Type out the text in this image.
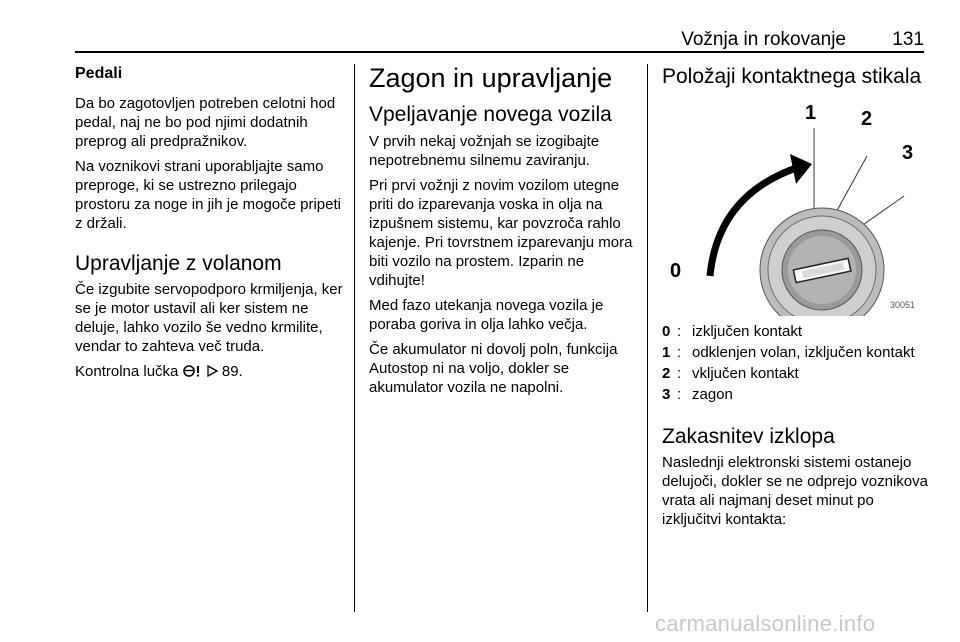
Vožnja in rokovanje 131
Pedali

Da bo zagotovljen potreben celotni hod pedal, naj ne bo pod njimi dodatnih preprog ali predpražnikov.

Na voznikovi strani uporabljajte samo preproge, ki se ustrezno prilegajo prostoru za noge in jih je mogoče pripeti z držali.

Upravljanje z volanom

Če izgubite servopodporo krmiljenja, ker se je motor ustavil ali ker sistem ne deluje, lahko vozilo še vedno krmilite, vendar to zahteva več truda.

Kontrolna lučka	89.

Zagon in upravljanje
Vpeljavanje novega vozila

V prvih nekaj vožnjah se izogibajte nepotrebnemu silnemu zaviranju.

Pri prvi vožnji z novim vozilom utegne priti do izparevanja voska in olja na izpušnem sistemu, kar povzroča rahlo kajenje. Pri tovrstnem izparevanju mora biti vozilo na prostem. Izparin ne vdihujte!

Med fazo utekanja novega vozila je poraba goriva in olja lahko večja.

Če akumulator ni dovolj poln, funkcija Autostop ni na voljo, dokler se akumulator vozila ne napolni.

Položaji kontaktnega stikala
0
1 2
3
30051
0 : izključen kontakt
1 : odklenjen volan, izključen kontakt
2 : vključen kontakt
3 : zagon
Zakasnitev izklopa

Naslednji elektronski sistemi ostanejo delujoči, dokler se ne odprejo voznikova vrata ali najmanj deset minut po izključitvi kontakta:

carmanualsonline.info
